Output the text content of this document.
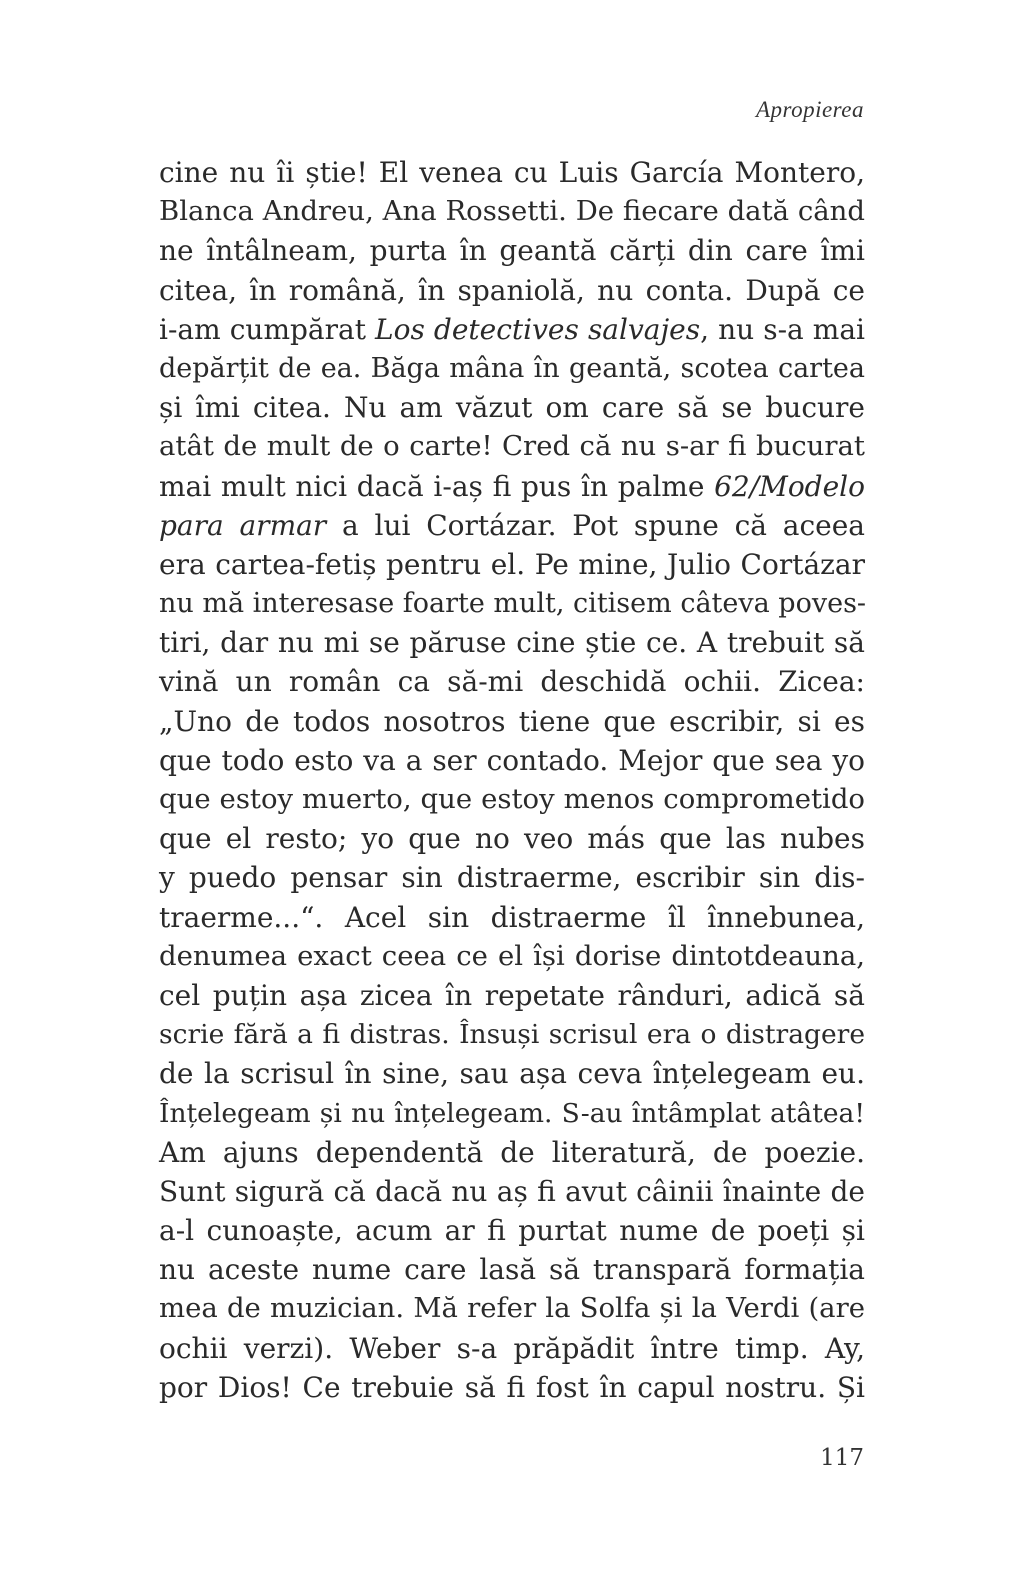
Apropierea
cine nu îi știe! El venea cu Luis García Montero,
Blanca Andreu, Ana Rossetti. De fiecare dată când
ne întâlneam, purta în geantă cărți din care îmi
citea, în română, în spaniolă, nu conta. După ce
i-am cumpărat Los detectives salvajes, nu s-a mai
depărțit de ea. Băga mâna în geantă, scotea cartea
și îmi citea. Nu am văzut om care să se bucure
atât de mult de o carte! Cred că nu s-ar fi bucurat
mai mult nici dacă i-aș fi pus în palme 62/Modelo
para armar a lui Cortázar. Pot spune că aceea
era cartea-fetiș pentru el. Pe mine, Julio Cortázar
nu mă interesase foarte mult, citisem câteva poves-
tiri, dar nu mi se păruse cine știe ce. A trebuit să
vină un român ca să-mi deschidă ochii. Zicea:
„Uno de todos nosotros tiene que escribir, si es
que todo esto va a ser contado. Mejor que sea yo
que estoy muerto, que estoy menos comprometido
que el resto; yo que no veo más que las nubes
y puedo pensar sin distraerme, escribir sin dis-
traerme...“. Acel sin distraerme îl înnebunea,
denumea exact ceea ce el își dorise dintotdeauna,
cel puțin așa zicea în repetate rânduri, adică să
scrie fără a fi distras. Însuși scrisul era o distragere
de la scrisul în sine, sau așa ceva înțelegeam eu.
Înțelegeam și nu înțelegeam. S-au întâmplat atâtea!
Am ajuns dependentă de literatură, de poezie.
Sunt sigură că dacă nu aș fi avut câinii înainte de
a-l cunoaște, acum ar fi purtat nume de poeți și
nu aceste nume care lasă să transpară formația
mea de muzician. Mă refer la Solfa și la Verdi (are
ochii verzi). Weber s-a prăpădit între timp. Ay,
por Dios! Ce trebuie să fi fost în capul nostru. Și
117
